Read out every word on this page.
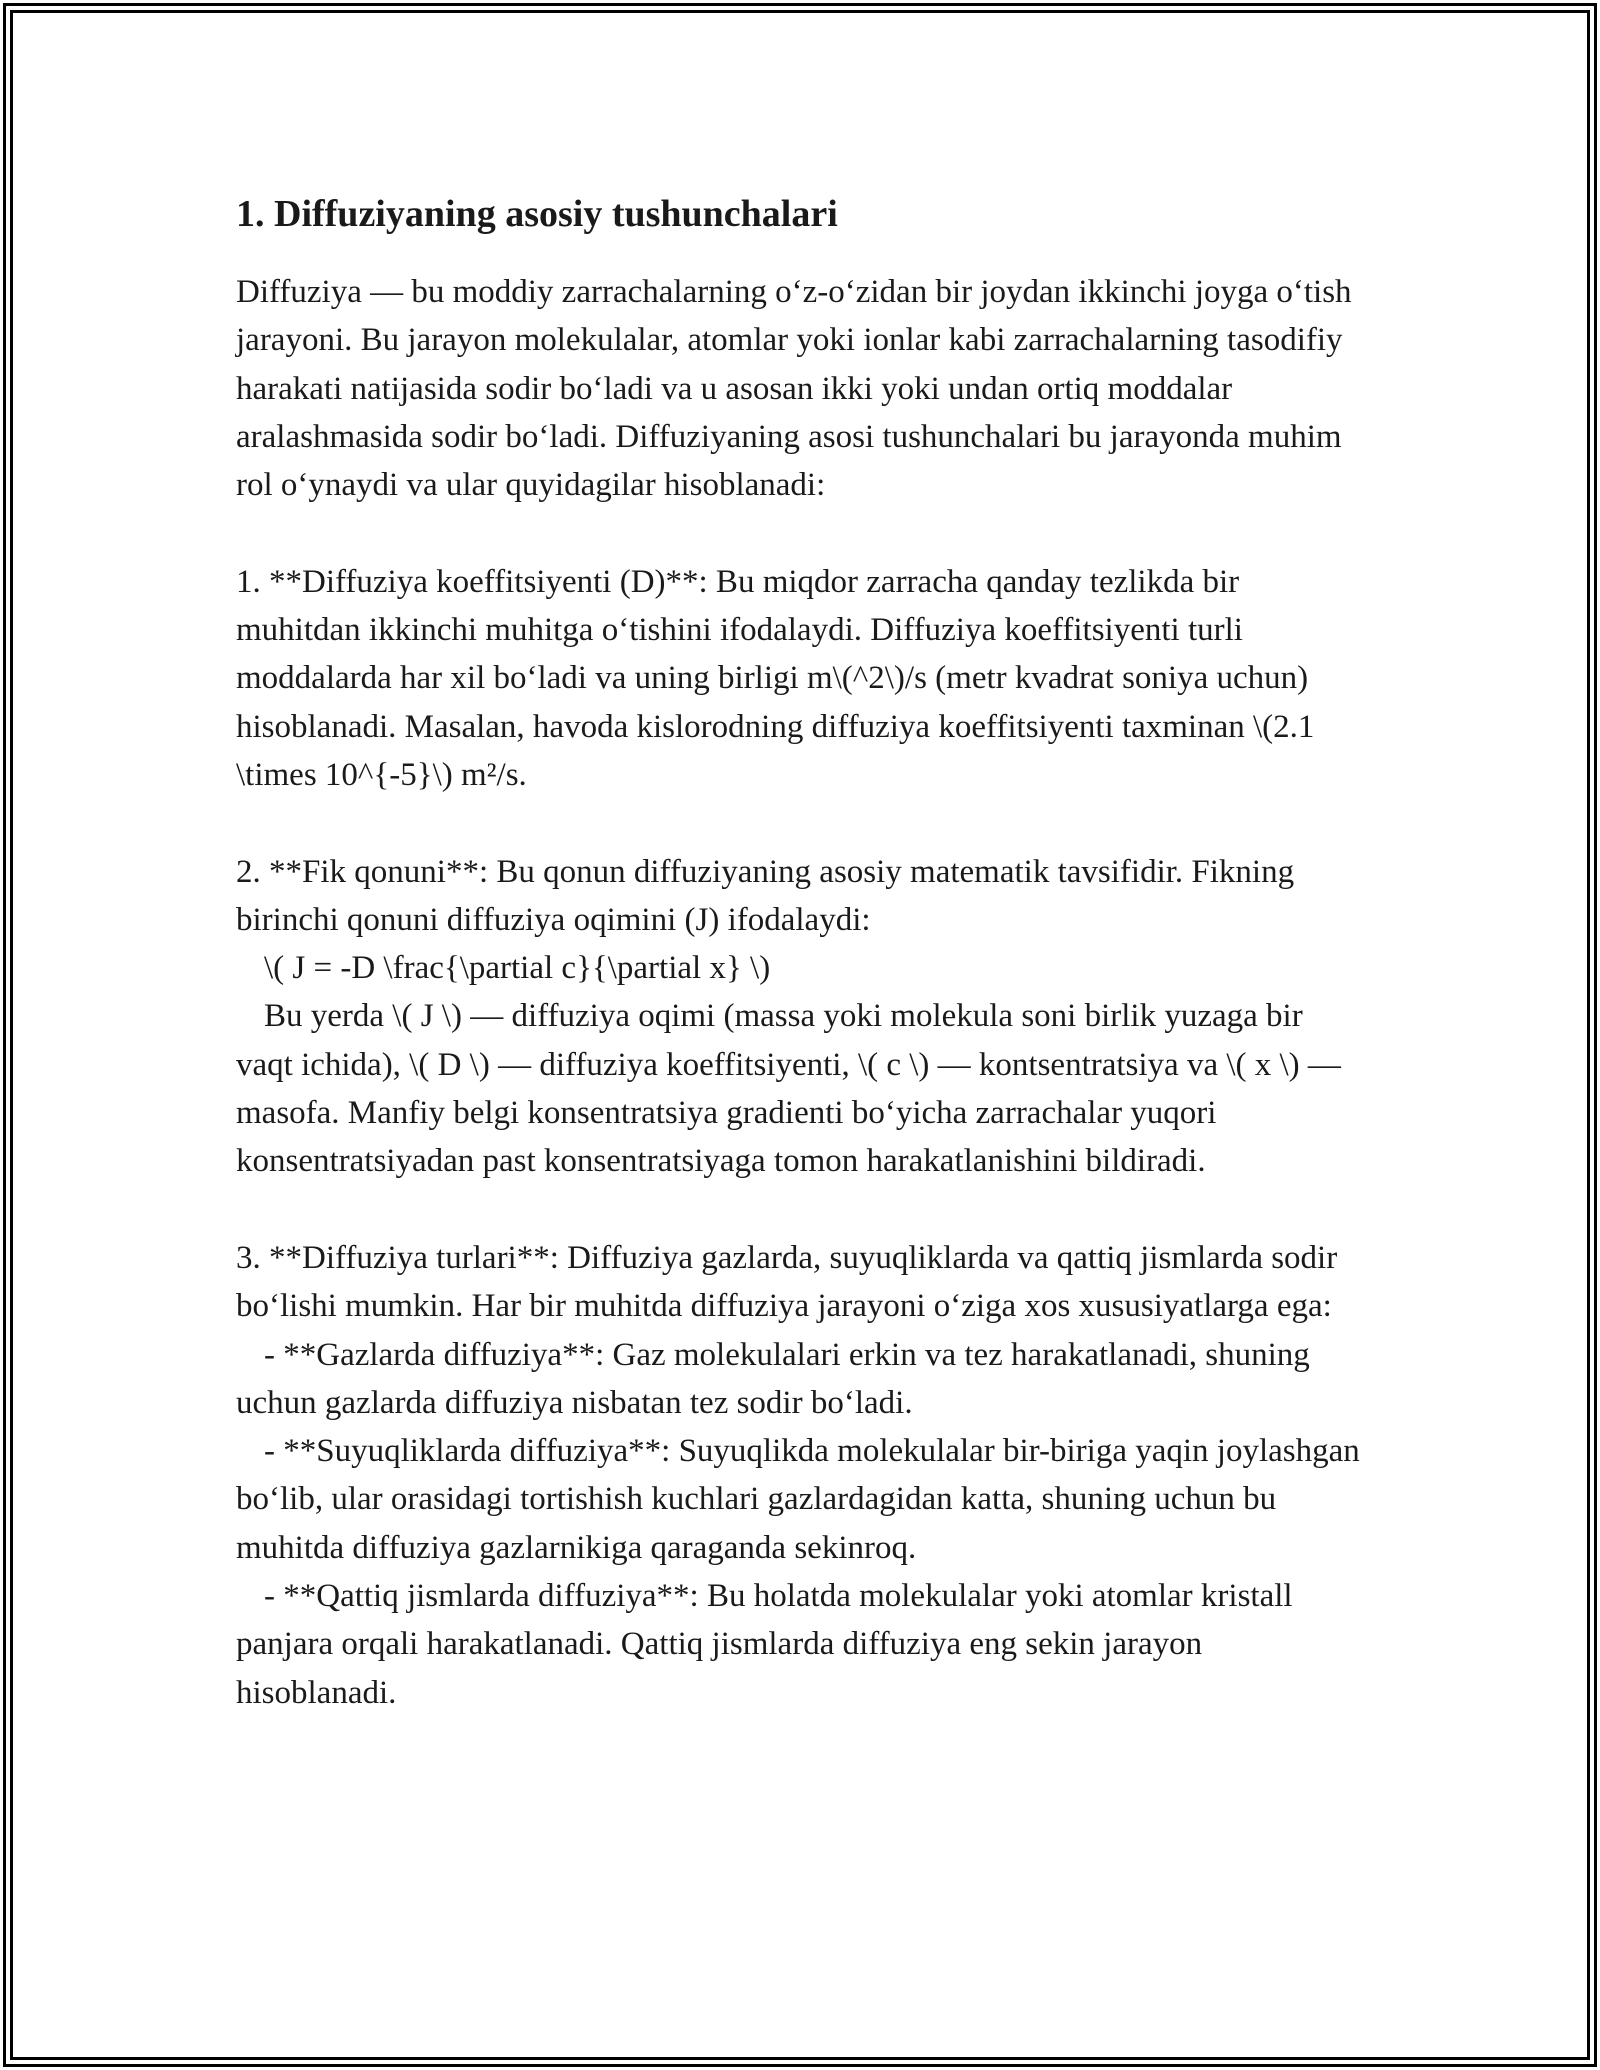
1. Diffuziyaning asosiy tushunchalari

Diffuziya — bu moddiy zarrachalarning o‘z-o‘zidan bir joydan ikkinchi joyga o‘tish jarayoni. Bu jarayon molekulalar, atomlar yoki ionlar kabi zarrachalarning tasodifiy harakati natijasida sodir bo‘ladi va u asosan ikki yoki undan ortiq moddalar aralashmasida sodir bo‘ladi. Diffuziyaning asosi tushunchalari bu jarayonda muhim rol o‘ynaydi va ular quyidagilar hisoblanadi:

1. **Diffuziya koeffitsiyenti (D)**: Bu miqdor zarracha qanday tezlikda bir muhitdan ikkinchi muhitga o‘tishini ifodalaydi. Diffuziya koeffitsiyenti turli moddalarda har xil bo‘ladi va uning birligi m\(^2\)/s (metr kvadrat soniya uchun) hisoblanadi. Masalan, havoda kislorodning diffuziya koeffitsiyenti taxminan \(2.1 \times 10^{-5}\) m²/s.

2. **Fik qonuni**: Bu qonun diffuziyaning asosiy matematik tavsifidir. Fikning birinchi qonuni diffuziya oqimini (J) ifodalaydi:

\( J = -D \frac{\partial c}{\partial x} \)

Bu yerda \( J \) — diffuziya oqimi (massa yoki molekula soni birlik yuzaga bir vaqt ichida), \( D \) — diffuziya koeffitsiyenti, \( c \) — kontsentratsiya va \( x \) — masofa. Manfiy belgi konsentratsiya gradienti bo‘yicha zarrachalar yuqori konsentratsiyadan past konsentratsiyaga tomon harakatlanishini bildiradi.

3. **Diffuziya turlari**: Diffuziya gazlarda, suyuqliklarda va qattiq jismlarda sodir bo‘lishi mumkin. Har bir muhitda diffuziya jarayoni o‘ziga xos xususiyatlarga ega:

- **Gazlarda diffuziya**: Gaz molekulalari erkin va tez harakatlanadi, shuning uchun gazlarda diffuziya nisbatan tez sodir bo‘ladi.

- **Suyuqliklarda diffuziya**: Suyuqlikda molekulalar bir-biriga yaqin joylashgan bo‘lib, ular orasidagi tortishish kuchlari gazlardagidan katta, shuning uchun bu muhitda diffuziya gazlarnikiga qaraganda sekinroq.

- **Qattiq jismlarda diffuziya**: Bu holatda molekulalar yoki atomlar kristall panjara orqali harakatlanadi. Qattiq jismlarda diffuziya eng sekin jarayon hisoblanadi.
